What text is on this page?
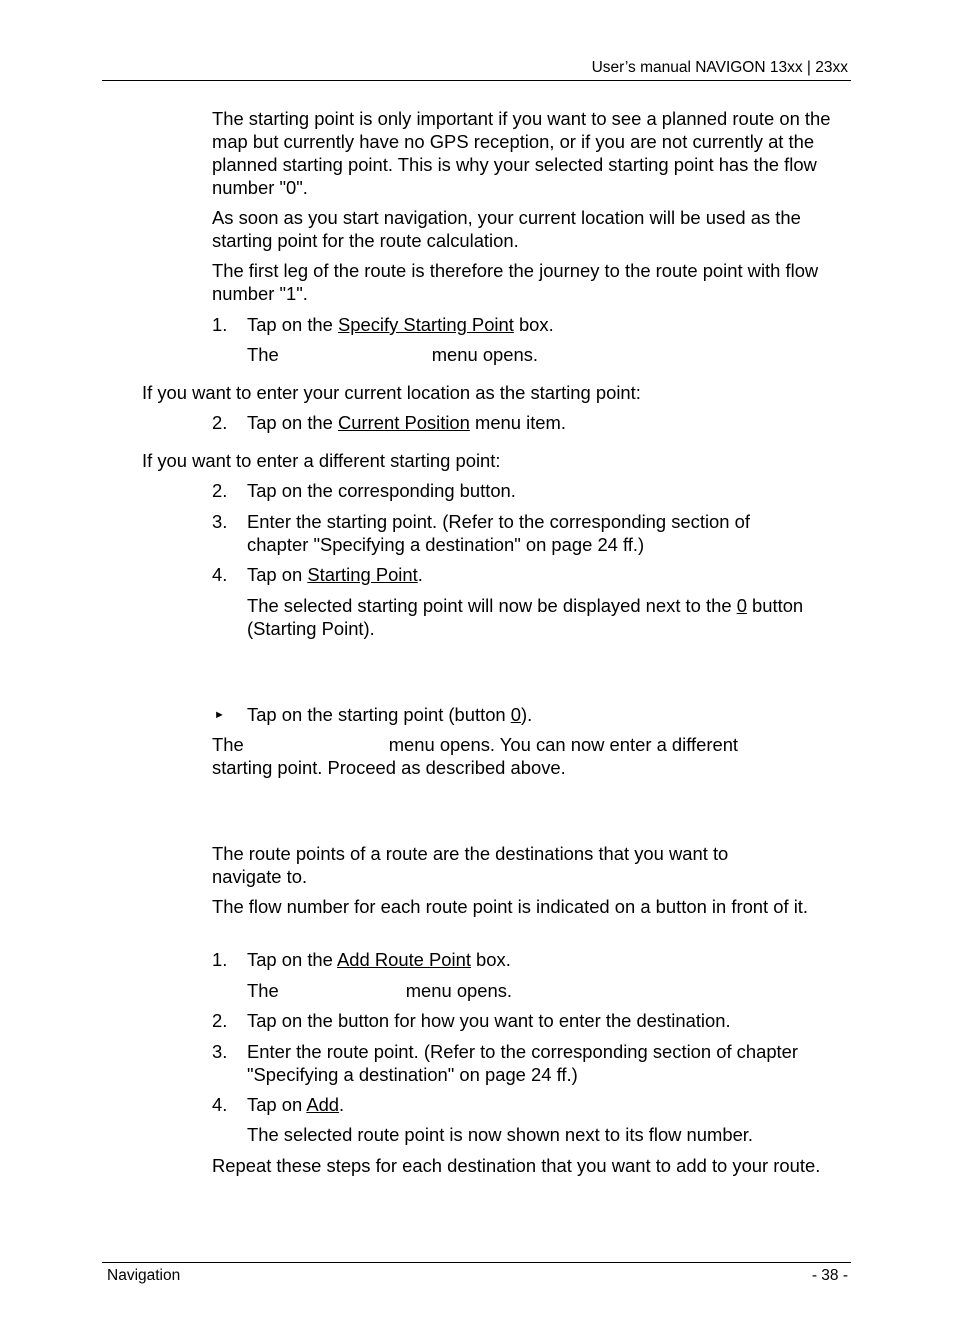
User’s manual NAVIGON 13xx | 23xx
The starting point is only important if you want to see a planned route on the map but currently have no GPS reception, or if you are not currently at the planned starting point. This is why your selected starting point has the flow number "0".
As soon as you start navigation, your current location will be used as the starting point for the route calculation.
The first leg of the route is therefore the journey to the route point with flow number "1".
1. Tap on the Specify Starting Point box.
The	menu opens.
If you want to enter your current location as the starting point:
2. Tap on the Current Position menu item.
If you want to enter a different starting point:
2. Tap on the corresponding button.
3. Enter the starting point. (Refer to the corresponding section of chapter "Specifying a destination" on page 24 ff.)
4. Tap on Starting Point.
The selected starting point will now be displayed next to the 0 button (Starting Point).
► Tap on the starting point (button 0).
The	menu opens. You can now enter a different
starting point. Proceed as described above.
The route points of a route are the destinations that you want to navigate to.
The flow number for each route point is indicated on a button in front of it.
1. Tap on the Add Route Point box.
The	menu opens.
2. Tap on the button for how you want to enter the destination.
3. Enter the route point. (Refer to the corresponding section of chapter "Specifying a destination" on page 24 ff.)
4. Tap on Add.
The selected route point is now shown next to its flow number.
Repeat these steps for each destination that you want to add to your route.
Navigation	- 38 -
